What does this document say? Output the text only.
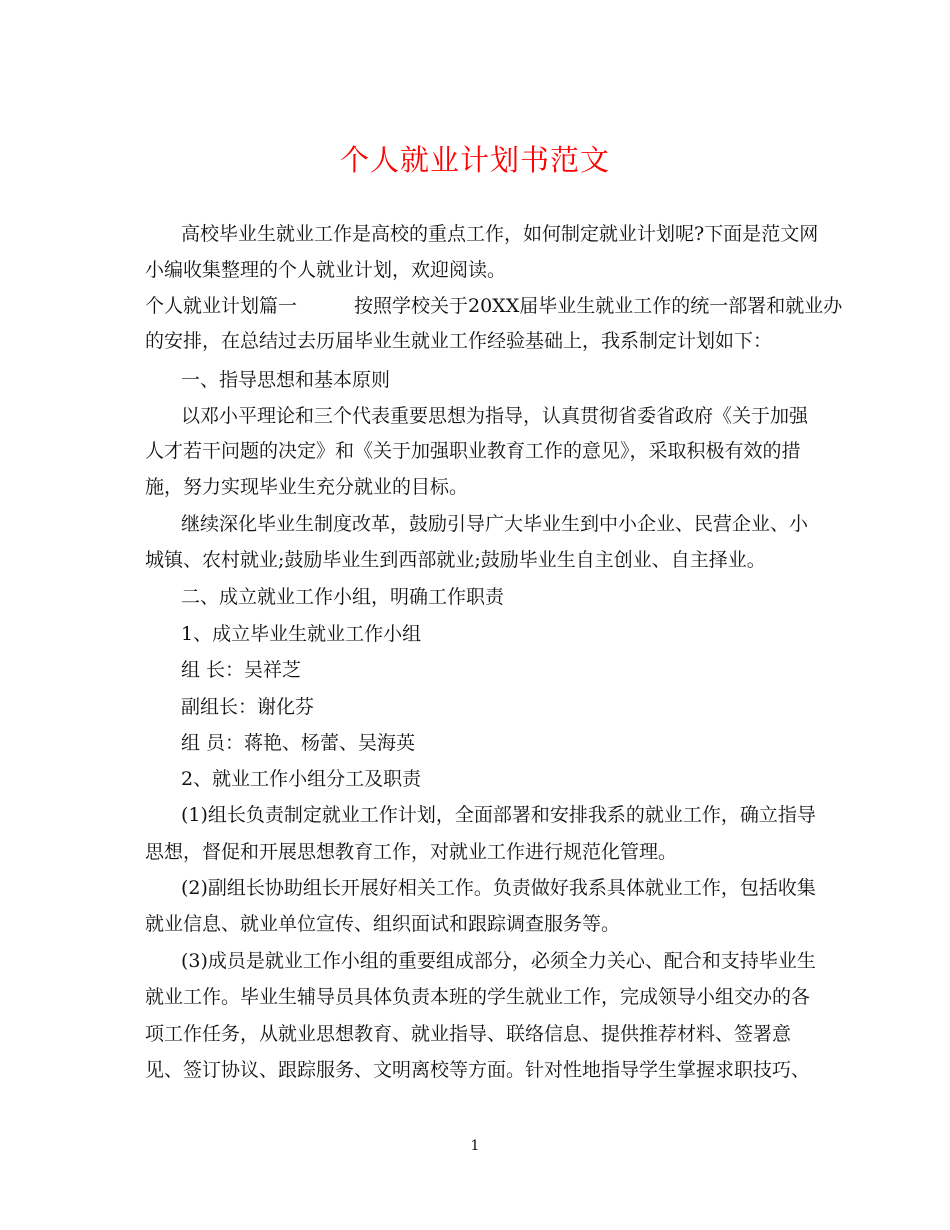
个人就业计划书范文

高校毕业生就业工作是高校的重点工作，如何制定就业计划呢?下面是范文网

小编收集整理的个人就业计划，欢迎阅读。

个人就业计划篇一　　　按照学校关于20XX届毕业生就业工作的统一部署和就业办

的安排，在总结过去历届毕业生就业工作经验基础上，我系制定计划如下：

一、指导思想和基本原则

以邓小平理论和三个代表重要思想为指导，认真贯彻省委省政府《关于加强

人才若干问题的决定》和《关于加强职业教育工作的意见》，采取积极有效的措

施，努力实现毕业生充分就业的目标。

继续深化毕业生制度改革，鼓励引导广大毕业生到中小企业、民营企业、小

城镇、农村就业;鼓励毕业生到西部就业;鼓励毕业生自主创业、自主择业。

二、成立就业工作小组，明确工作职责

1、成立毕业生就业工作小组

组 长：吴祥芝

副组长：谢化芬

组 员：蒋艳、杨蕾、吴海英

2、就业工作小组分工及职责

(1)组长负责制定就业工作计划，全面部署和安排我系的就业工作，确立指导

思想，督促和开展思想教育工作，对就业工作进行规范化管理。

(2)副组长协助组长开展好相关工作。负责做好我系具体就业工作，包括收集

就业信息、就业单位宣传、组织面试和跟踪调查服务等。

(3)成员是就业工作小组的重要组成部分，必须全力关心、配合和支持毕业生

就业工作。毕业生辅导员具体负责本班的学生就业工作，完成领导小组交办的各

项工作任务，从就业思想教育、就业指导、联络信息、提供推荐材料、签署意

见、签订协议、跟踪服务、文明离校等方面。针对性地指导学生掌握求职技巧、

1
